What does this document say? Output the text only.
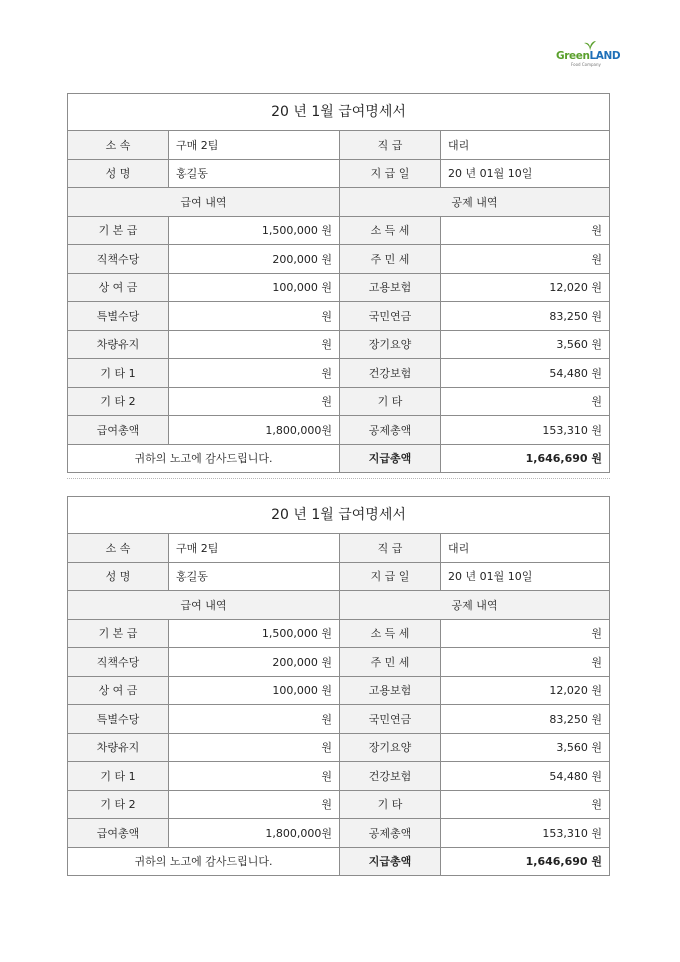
GreenLAND
Food Company
20 년 1월 급여명세서
소 속	구매 2팀	직 급	대리
성 명	홍길동	지 급 일	20 년 01월 10일
급여 내역	공제 내역
기 본 급	1,500,000 원	소 득 세	원
직책수당	200,000 원	주 민 세	원
상 여 금	100,000 원	고용보험	12,020 원
특별수당	원	국민연금	83,250 원
차량유지	원	장기요양	3,560 원
기 타 1	원	건강보험	54,480 원
기 타 2	원	기 타	원
급여총액	1,800,000원	공제총액	153,310 원
귀하의 노고에 감사드립니다.	지급총액	1,646,690 원
20 년 1월 급여명세서
소 속	구매 2팀	직 급	대리
성 명	홍길동	지 급 일	20 년 01월 10일
급여 내역	공제 내역
기 본 급	1,500,000 원	소 득 세	원
직책수당	200,000 원	주 민 세	원
상 여 금	100,000 원	고용보험	12,020 원
특별수당	원	국민연금	83,250 원
차량유지	원	장기요양	3,560 원
기 타 1	원	건강보험	54,480 원
기 타 2	원	기 타	원
급여총액	1,800,000원	공제총액	153,310 원
귀하의 노고에 감사드립니다.	지급총액	1,646,690 원
